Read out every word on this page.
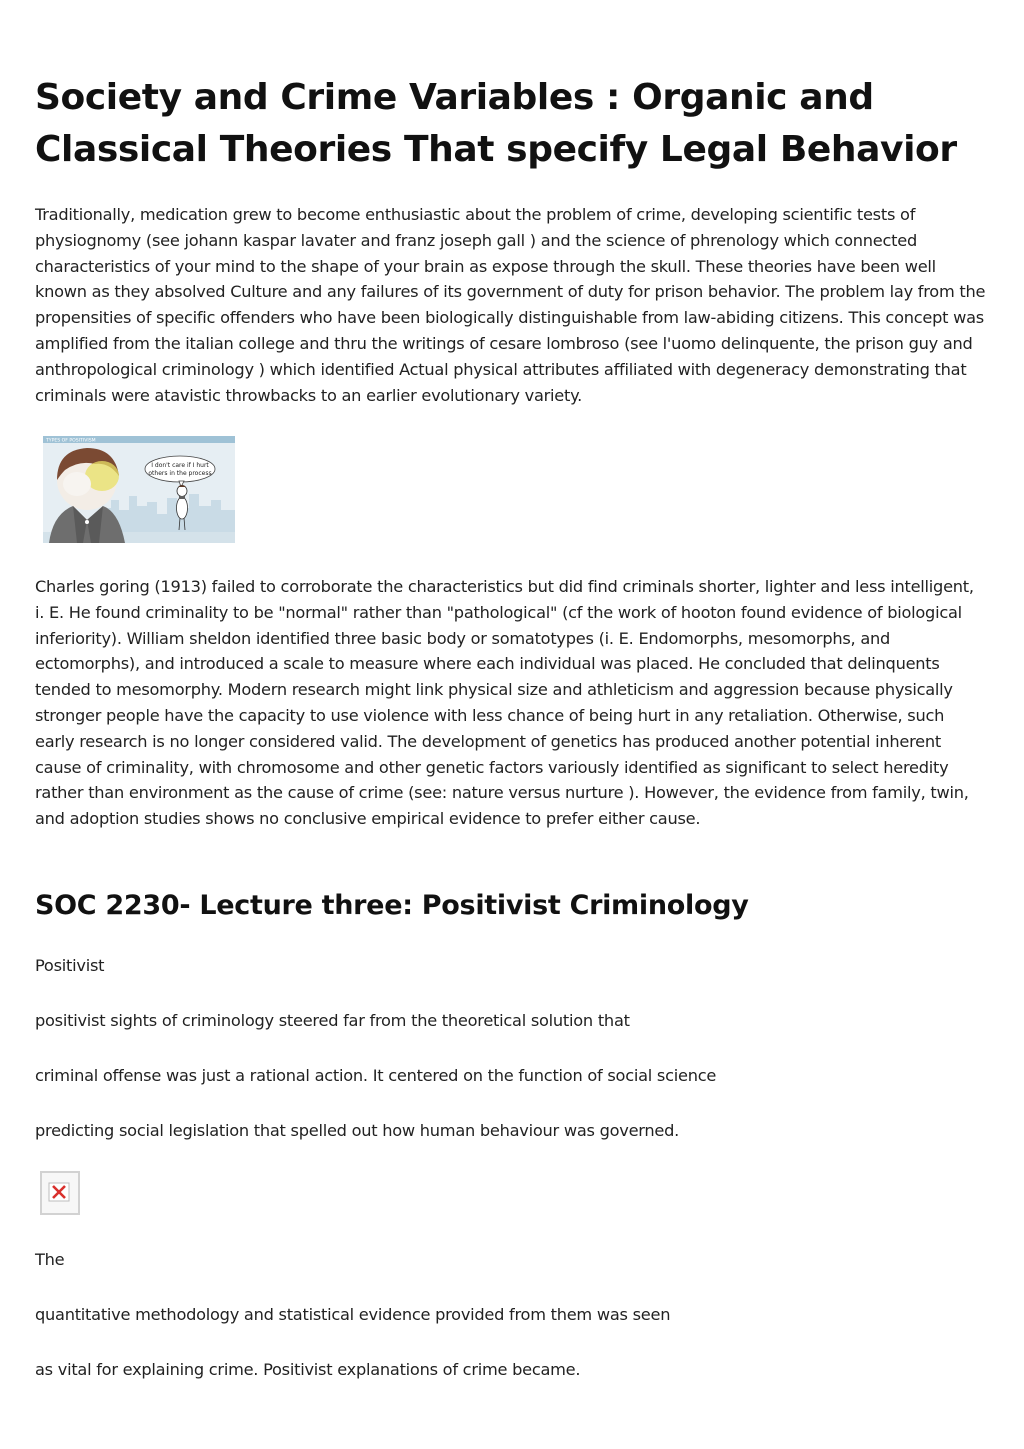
Society and Crime Variables : Organic and Classical Theories That specify Legal Behavior

Traditionally, medication grew to become enthusiastic about the problem of crime, developing scientific tests of physiognomy (see johann kaspar lavater and franz joseph gall ) and the science of phrenology which connected characteristics of your mind to the shape of your brain as expose through the skull. These theories have been well known as they absolved Culture and any failures of its government of duty for prison behavior. The problem lay from the propensities of specific offenders who have been biologically distinguishable from law-abiding citizens. This concept was amplified from the italian college and thru the writings of cesare lombroso (see l'uomo delinquente, the prison guy and anthropological criminology ) which identified Actual physical attributes affiliated with degeneracy demonstrating that criminals were atavistic throwbacks to an earlier evolutionary variety.

TYPES OF POSITIVISM
I don't care if I hurt
others in the process

Charles goring (1913) failed to corroborate the characteristics but did find criminals shorter, lighter and less intelligent, i. E. He found criminality to be "normal" rather than "pathological" (cf the work of hooton found evidence of biological inferiority). William sheldon identified three basic body or somatotypes (i. E. Endomorphs, mesomorphs, and ectomorphs), and introduced a scale to measure where each individual was placed. He concluded that delinquents tended to mesomorphy. Modern research might link physical size and athleticism and aggression because physically stronger people have the capacity to use violence with less chance of being hurt in any retaliation. Otherwise, such early research is no longer considered valid. The development of genetics has produced another potential inherent cause of criminality, with chromosome and other genetic factors variously identified as significant to select heredity rather than environment as the cause of crime (see: nature versus nurture ). However, the evidence from family, twin, and adoption studies shows no conclusive empirical evidence to prefer either cause.

SOC 2230- Lecture three: Positivist Criminology

Positivist

positivist sights of criminology steered far from the theoretical solution that

criminal offense was just a rational action. It centered on the function of social science

predicting social legislation that spelled out how human behaviour was governed.

The

quantitative methodology and statistical evidence provided from them was seen

as vital for explaining crime. Positivist explanations of crime became.
